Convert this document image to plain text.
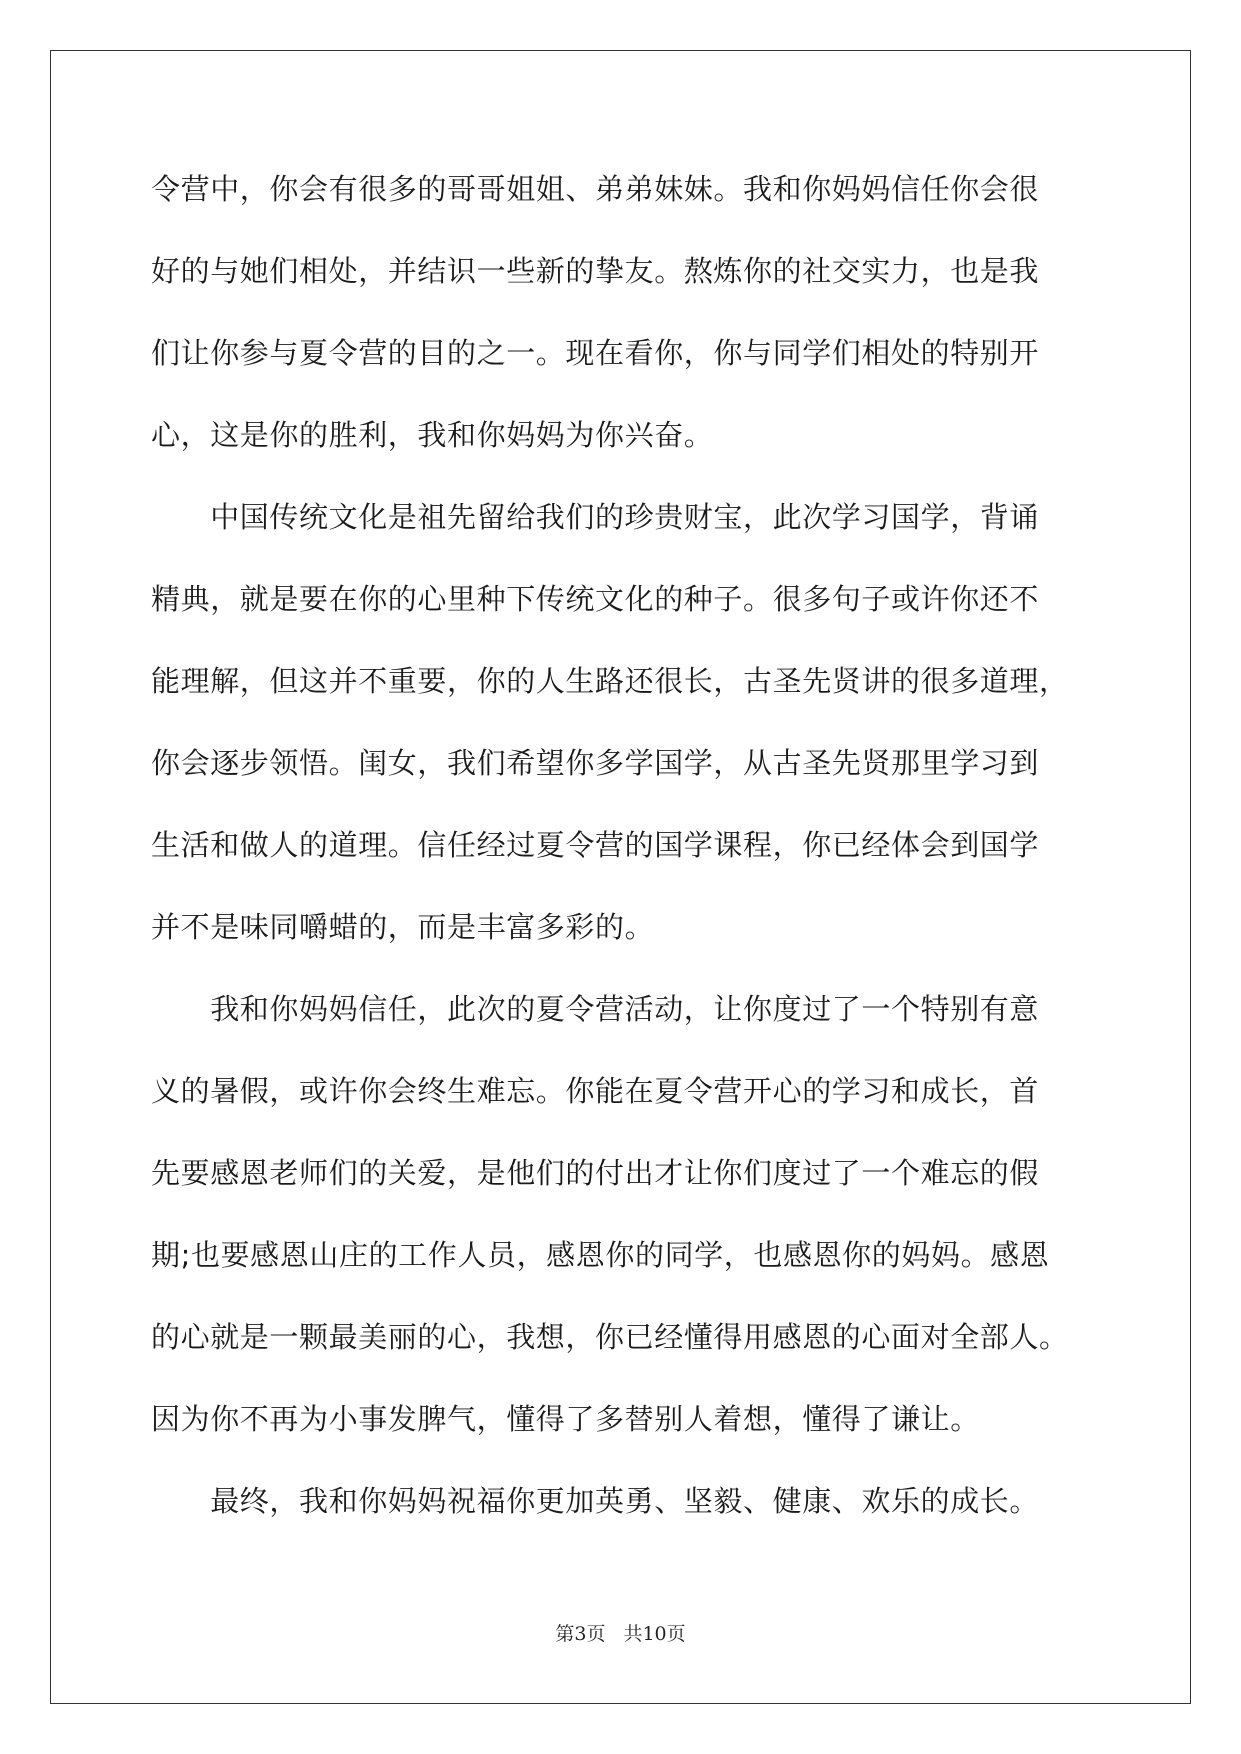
令营中，你会有很多的哥哥姐姐、弟弟妹妹。我和你妈妈信任你会很
好的与她们相处，并结识一些新的挚友。熬炼你的社交实力，也是我
们让你参与夏令营的目的之一。现在看你，你与同学们相处的特别开
心，这是你的胜利，我和你妈妈为你兴奋。
　　中国传统文化是祖先留给我们的珍贵财宝，此次学习国学，背诵
精典，就是要在你的心里种下传统文化的种子。很多句子或许你还不
能理解，但这并不重要，你的人生路还很长，古圣先贤讲的很多道理，
你会逐步领悟。闺女，我们希望你多学国学，从古圣先贤那里学习到
生活和做人的道理。信任经过夏令营的国学课程，你已经体会到国学
并不是味同嚼蜡的，而是丰富多彩的。
　　我和你妈妈信任，此次的夏令营活动，让你度过了一个特别有意
义的暑假，或许你会终生难忘。你能在夏令营开心的学习和成长，首
先要感恩老师们的关爱，是他们的付出才让你们度过了一个难忘的假
期;也要感恩山庄的工作人员，感恩你的同学，也感恩你的妈妈。感恩
的心就是一颗最美丽的心，我想，你已经懂得用感恩的心面对全部人。
因为你不再为小事发脾气，懂得了多替别人着想，懂得了谦让。
　　最终，我和你妈妈祝福你更加英勇、坚毅、健康、欢乐的成长。
第3页 共10页
